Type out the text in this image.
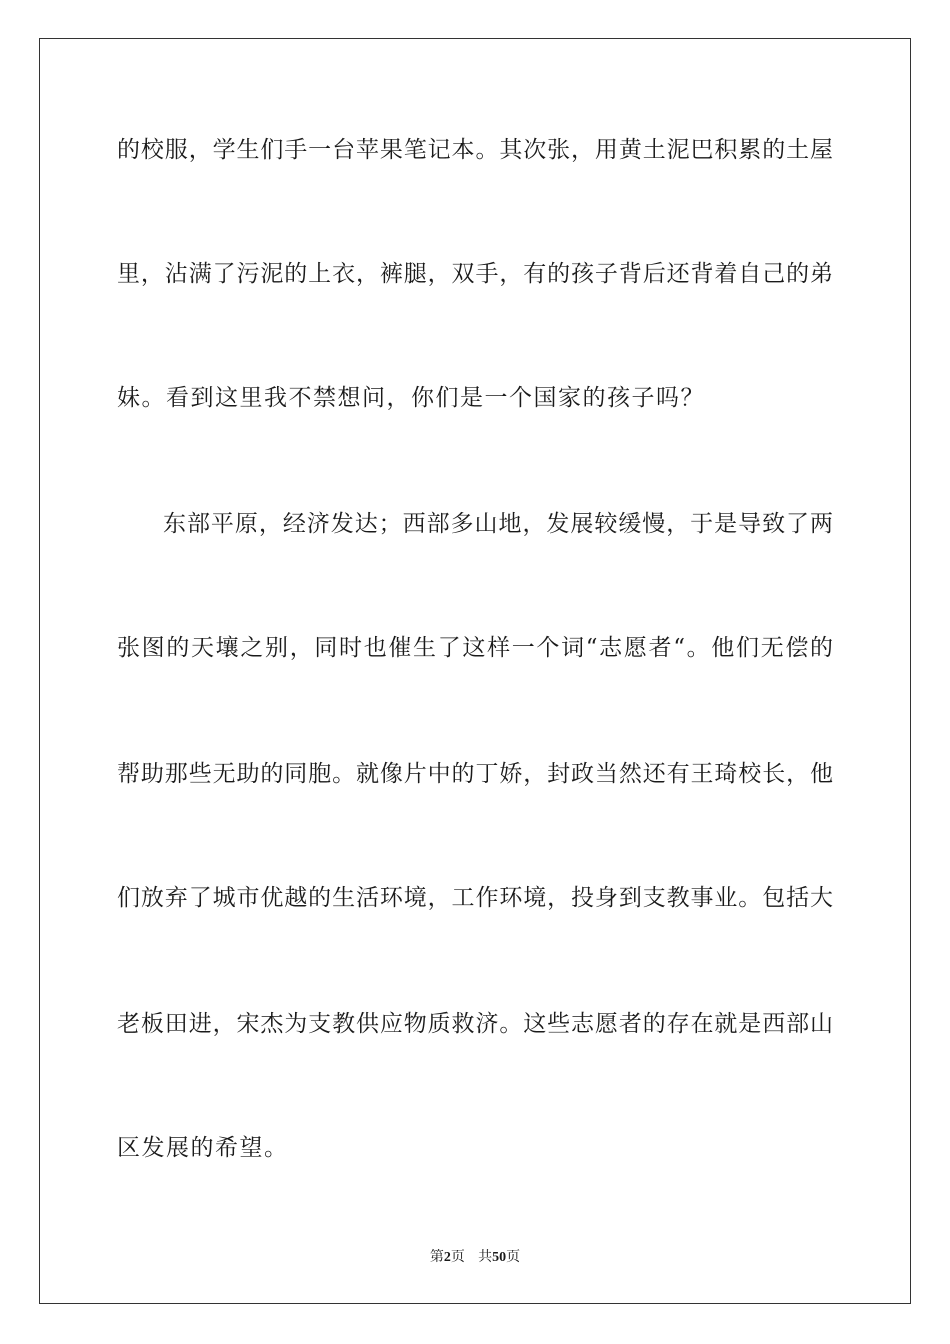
的校服，学生们手一台苹果笔记本。其次张，用黄土泥巴积累的土屋
里，沾满了污泥的上衣，裤腿，双手，有的孩子背后还背着自己的弟
妹。看到这里我不禁想问，你们是一个国家的孩子吗？
东部平原，经济发达；西部多山地，发展较缓慢，于是导致了两
张图的天壤之别，同时也催生了这样一个词“志愿者“。他们无偿的
帮助那些无助的同胞。就像片中的丁娇，封政当然还有王琦校长，他
们放弃了城市优越的生活环境，工作环境，投身到支教事业。包括大
老板田进，宋杰为支教供应物质救济。这些志愿者的存在就是西部山
区发展的希望。
第2页 共50页
